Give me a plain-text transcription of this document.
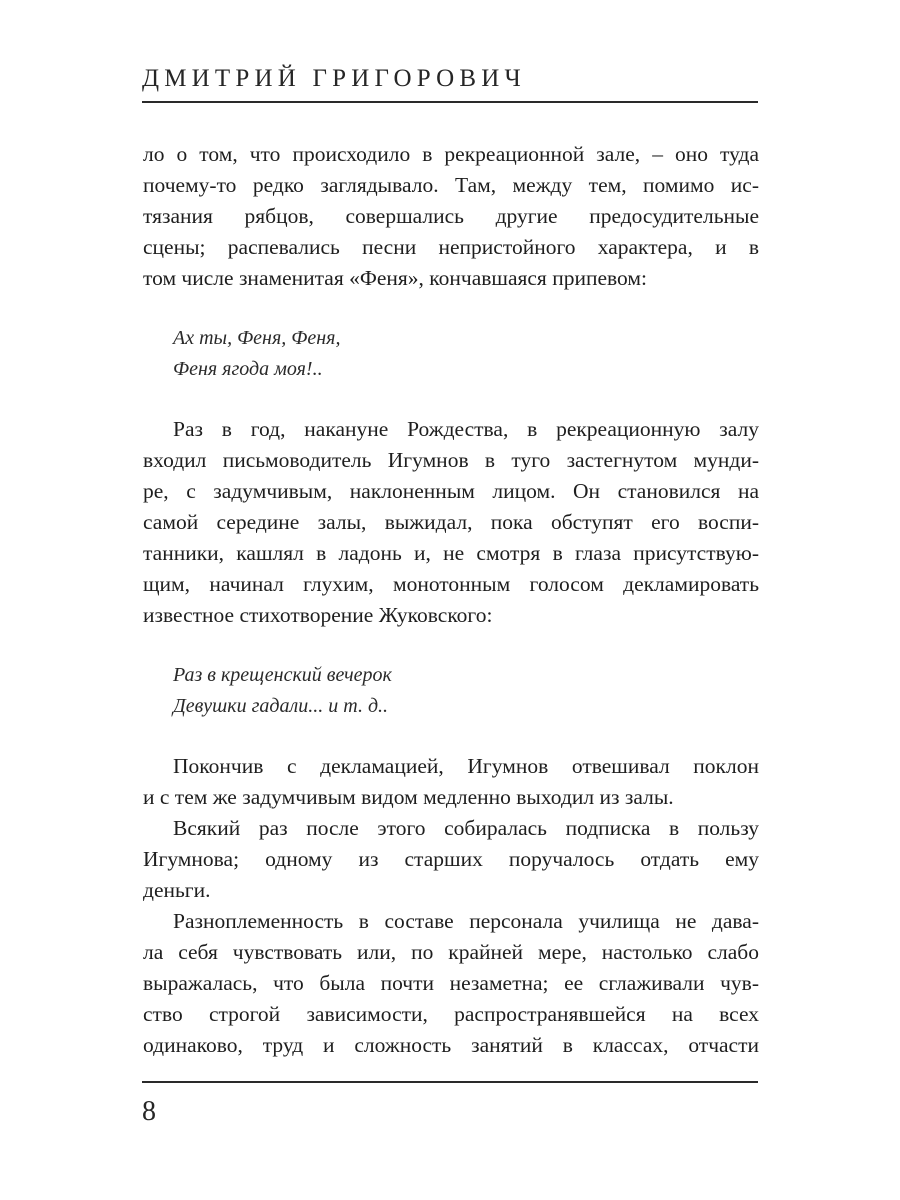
ДМИТРИЙ ГРИГОРОВИЧ
ло о том, что происходило в рекреационной зале, – оно туда
почему-то редко заглядывало. Там, между тем, помимо ис-
тязания рябцов, совершались другие предосудительные
сцены; распевались песни непристойного характера, и в
том числе знаменитая «Феня», кончавшаяся припевом:
Ах ты, Феня, Феня,
Феня ягода моя!..
Раз в год, накануне Рождества, в рекреационную залу
входил письмоводитель Игумнов в туго застегнутом мунди-
ре, с задумчивым, наклоненным лицом. Он становился на
самой середине залы, выжидал, пока обступят его воспи-
танники, кашлял в ладонь и, не смотря в глаза присутствую-
щим, начинал глухим, монотонным голосом декламировать
известное стихотворение Жуковского:
Раз в крещенский вечерок
Девушки гадали... и т. д..
Покончив с декламацией, Игумнов отвешивал поклон
и с тем же задумчивым видом медленно выходил из залы.
Всякий раз после этого собиралась подписка в пользу
Игумнова; одному из старших поручалось отдать ему
деньги.
Разноплеменность в составе персонала училища не дава-
ла себя чувствовать или, по крайней мере, настолько слабо
выражалась, что была почти незаметна; ее сглаживали чув-
ство строгой зависимости, распространявшейся на всех
одинаково, труд и сложность занятий в классах, отчасти
8
